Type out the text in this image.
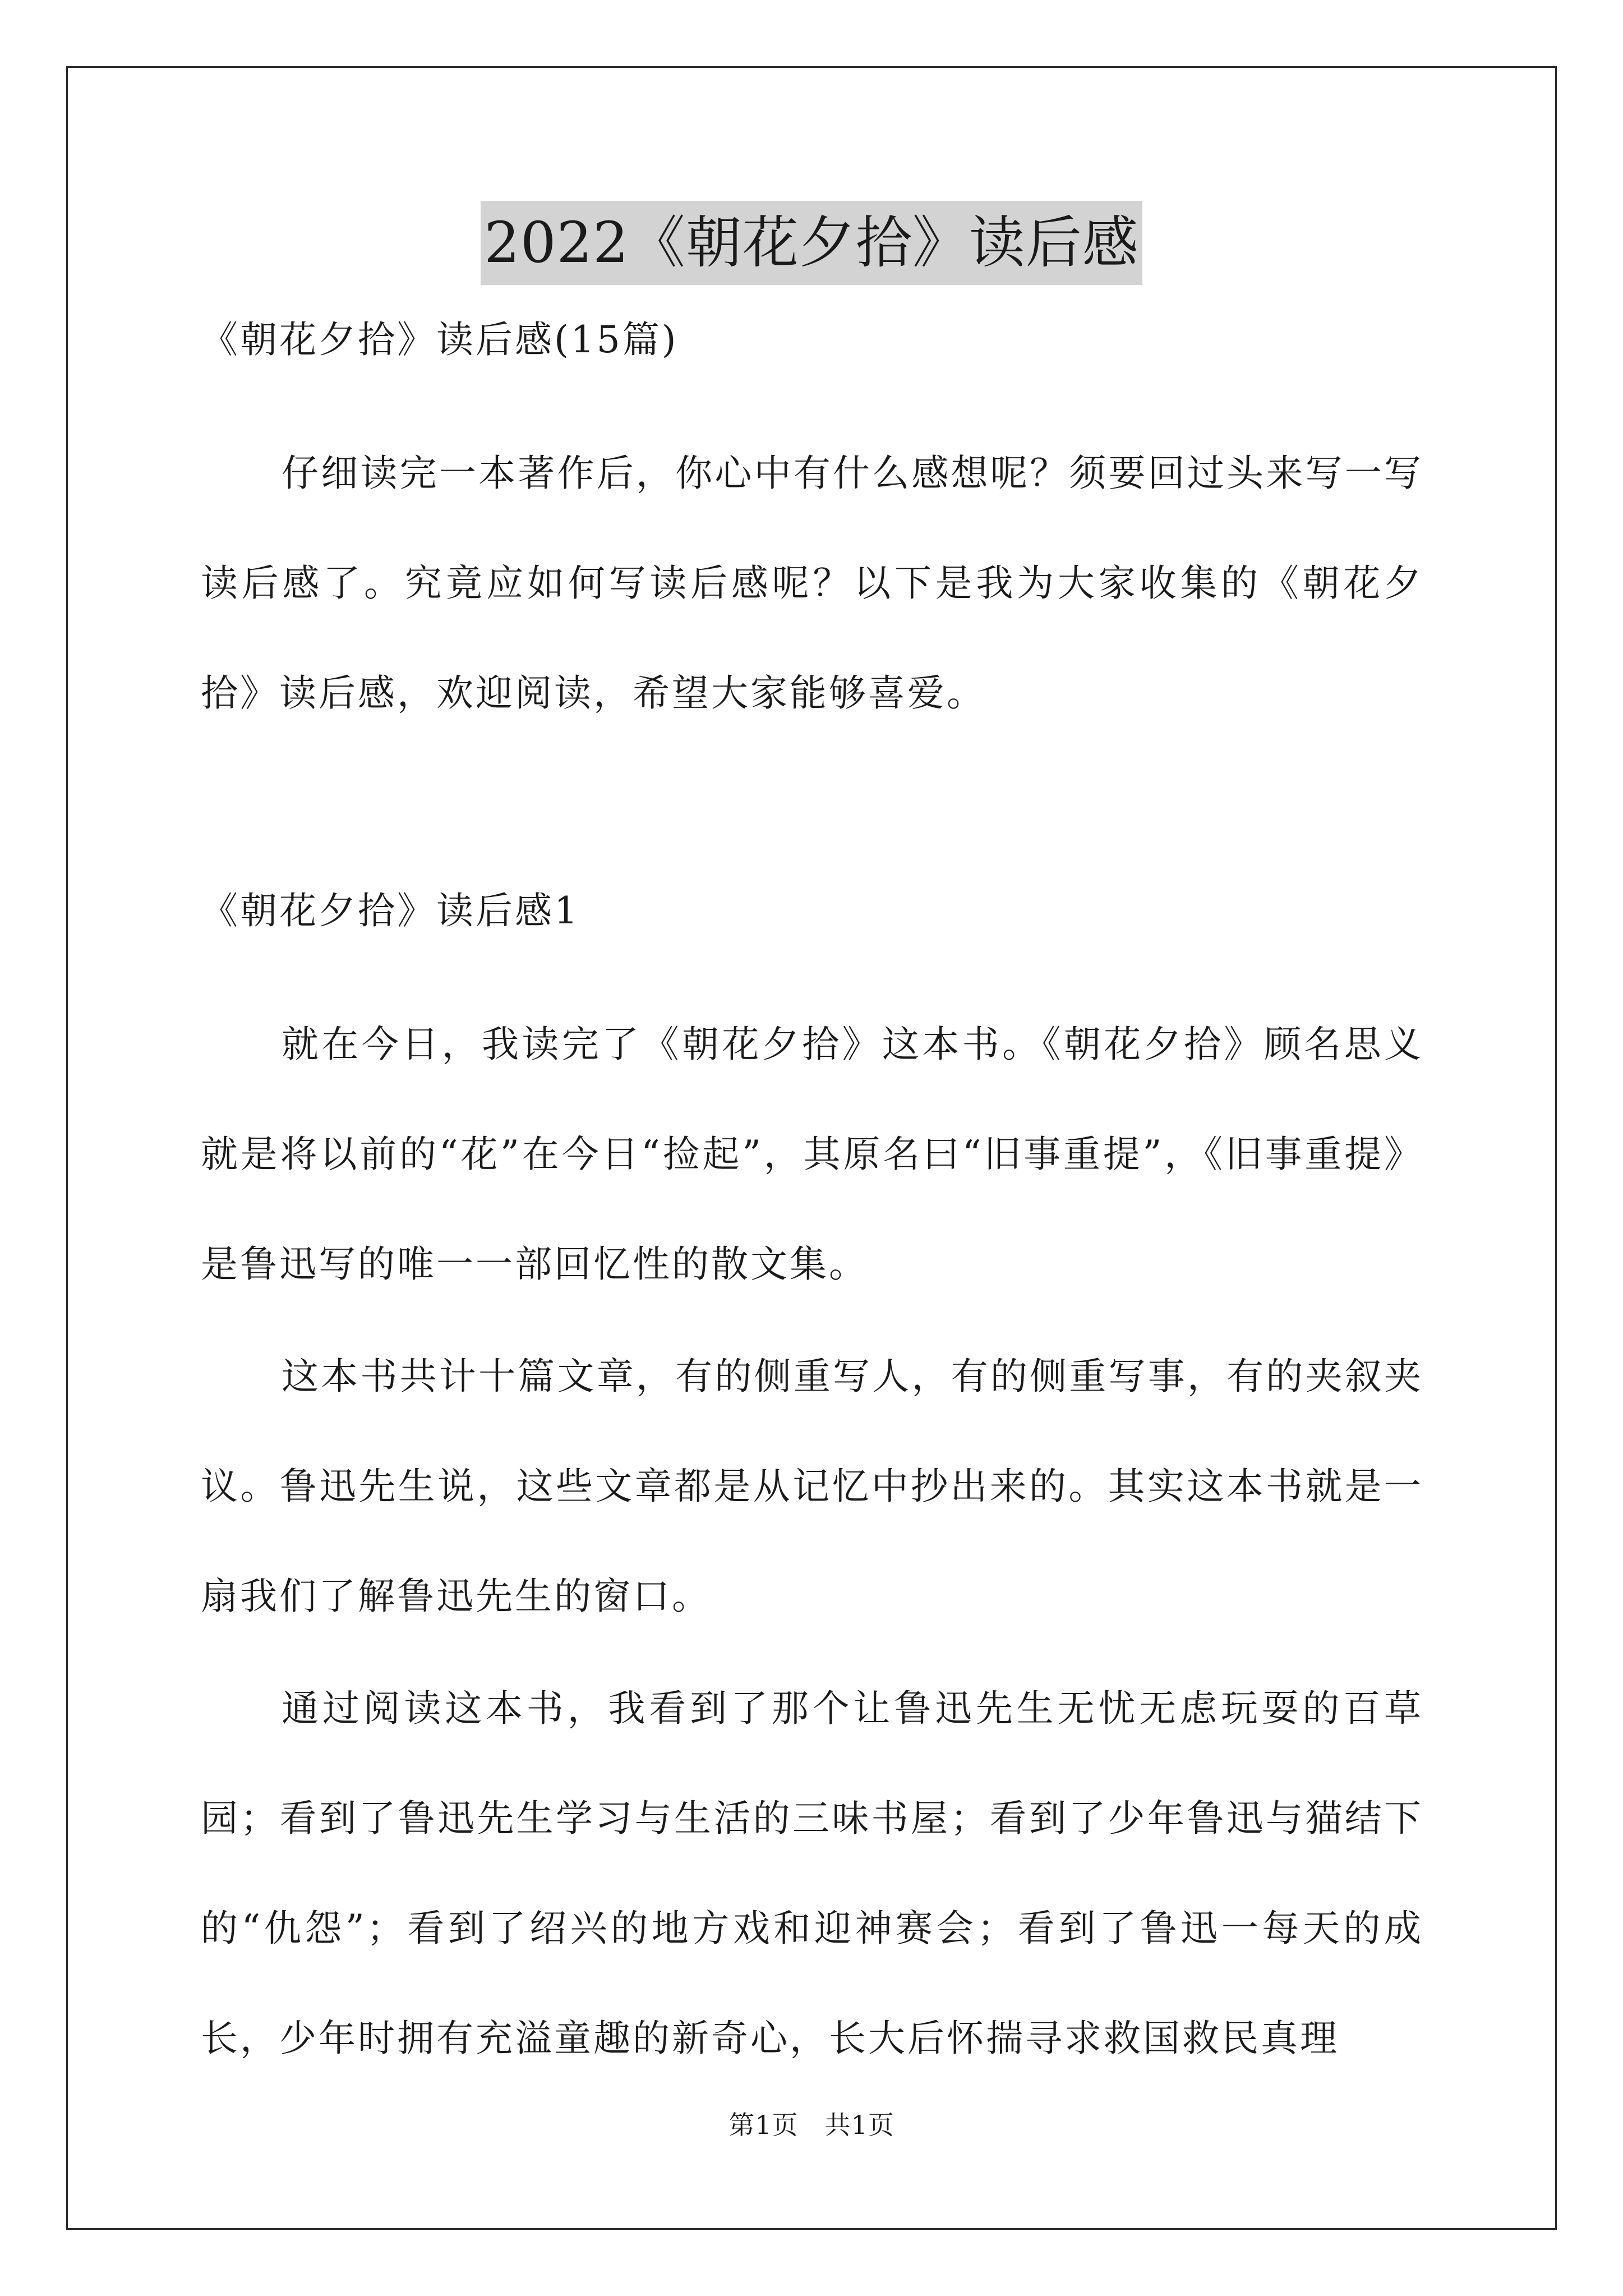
2022《朝花夕拾》读后感

《朝花夕拾》读后感(15篇)

仔细读完一本著作后，你心中有什么感想呢？须要回过头来写一写读后感了。究竟应如何写读后感呢？以下是我为大家收集的《朝花夕拾》读后感，欢迎阅读，希望大家能够喜爱。

《朝花夕拾》读后感1

就在今日，我读完了《朝花夕拾》这本书。《朝花夕拾》顾名思义就是将以前的“花”在今日“捡起”，其原名曰“旧事重提”，《旧事重提》是鲁迅写的唯一一部回忆性的散文集。

这本书共计十篇文章，有的侧重写人，有的侧重写事，有的夹叙夹议。鲁迅先生说，这些文章都是从记忆中抄出来的。其实这本书就是一扇我们了解鲁迅先生的窗口。

通过阅读这本书，我看到了那个让鲁迅先生无忧无虑玩耍的百草园；看到了鲁迅先生学习与生活的三味书屋；看到了少年鲁迅与猫结下的“仇怨”；看到了绍兴的地方戏和迎神赛会；看到了鲁迅一每天的成长，少年时拥有充溢童趣的新奇心，长大后怀揣寻求救国救民真理

第1页　共1页
